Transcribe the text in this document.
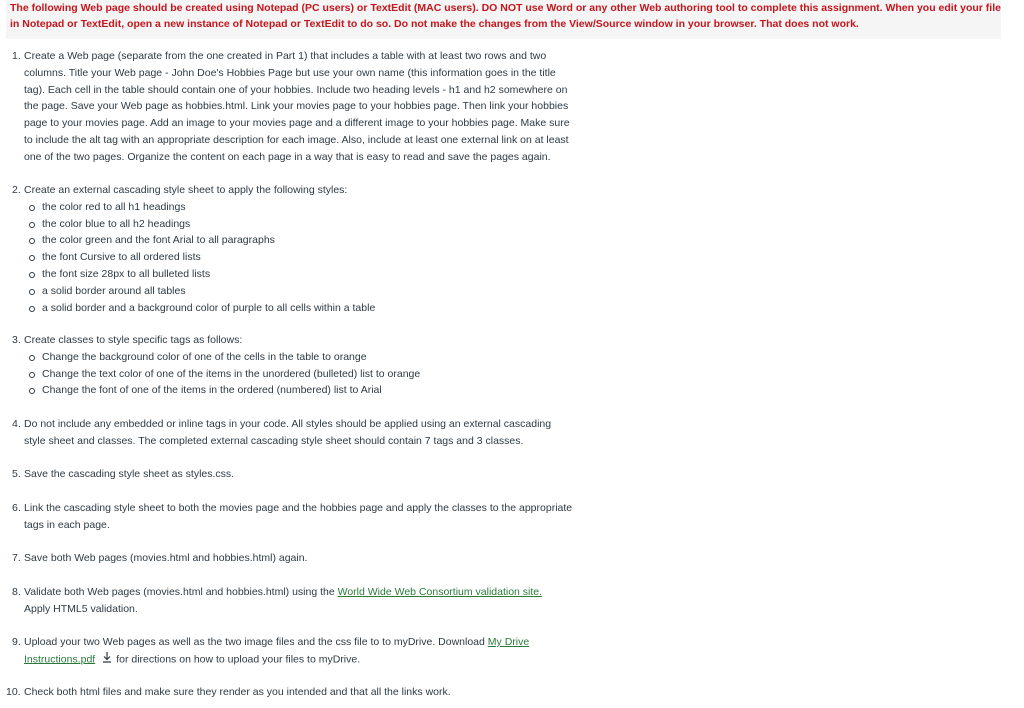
The following Web page should be created using Notepad (PC users) or TextEdit (MAC users). DO NOT use Word or any other Web authoring tool to complete this assignment. When you edit your file
in Notepad or TextEdit, open a new instance of Notepad or TextEdit to do so. Do not make the changes from the View/Source window in your browser. That does not work.
1. Create a Web page (separate from the one created in Part 1) that includes a table with at least two rows and two
columns. Title your Web page - John Doe's Hobbies Page but use your own name (this information goes in the title
tag). Each cell in the table should contain one of your hobbies. Include two heading levels - h1 and h2 somewhere on
the page. Save your Web page as hobbies.html. Link your movies page to your hobbies page. Then link your hobbies
page to your movies page. Add an image to your movies page and a different image to your hobbies page. Make sure
to include the alt tag with an appropriate description for each image. Also, include at least one external link on at least
one of the two pages. Organize the content on each page in a way that is easy to read and save the pages again.
2. Create an external cascading style sheet to apply the following styles:
the color red to all h1 headings
the color blue to all h2 headings
the color green and the font Arial to all paragraphs
the font Cursive to all ordered lists
the font size 28px to all bulleted lists
a solid border around all tables
a solid border and a background color of purple to all cells within a table
3. Create classes to style specific tags as follows:
Change the background color of one of the cells in the table to orange
Change the text color of one of the items in the unordered (bulleted) list to orange
Change the font of one of the items in the ordered (numbered) list to Arial
4. Do not include any embedded or inline tags in your code. All styles should be applied using an external cascading
style sheet and classes. The completed external cascading style sheet should contain 7 tags and 3 classes.
5. Save the cascading style sheet as styles.css.
6. Link the cascading style sheet to both the movies page and the hobbies page and apply the classes to the appropriate
tags in each page.
7. Save both Web pages (movies.html and hobbies.html) again.
8. Validate both Web pages (movies.html and hobbies.html) using the World Wide Web Consortium validation site.
Apply HTML5 validation.
9. Upload your two Web pages as well as the two image files and the css file to to myDrive. Download My Drive
Instructions.pdf for directions on how to upload your files to myDrive.
10. Check both html files and make sure they render as you intended and that all the links work.
